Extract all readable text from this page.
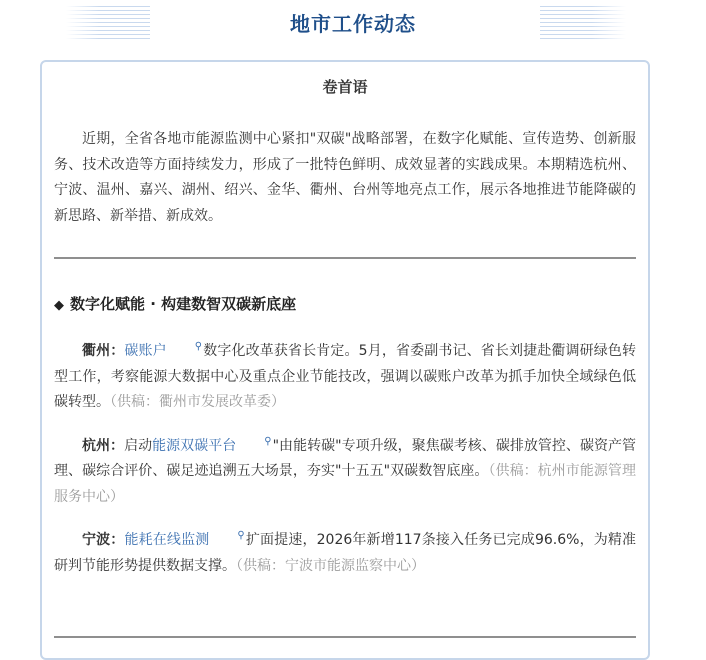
地市工作动态
卷首语

近期，全省各地市能源监测中心紧扣"双碳"战略部署，在数字化赋能、宣传造势、创新服务、技术改造等方面持续发力，形成了一批特色鲜明、成效显著的实践成果。本期精选杭州、宁波、温州、嘉兴、湖州、绍兴、金华、衢州、台州等地亮点工作，展示各地推进节能降碳的新思路、新举措、新成效。

◆ 数字化赋能 · 构建数智双碳新底座

衢州：碳账户	⚲数字化改革获省长肯定。5月，省委副书记、省长刘捷赴衢调研绿色转型工作，考察能源大数据中心及重点企业节能技改，强调以碳账户改革为抓手加快全域绿色低碳转型。（供稿：衢州市发展改革委）

杭州：启动能源双碳平台	⚲"由能转碳"专项升级，聚焦碳考核、碳排放管控、碳资产管理、碳综合评价、碳足迹追溯五大场景，夯实"十五五"双碳数智底座。（供稿：杭州市能源管理服务中心）

宁波：能耗在线监测	⚲扩面提速，2026年新增117条接入任务已完成96.6%，为精准研判节能形势提供数据支撑。（供稿：宁波市能源监察中心）
